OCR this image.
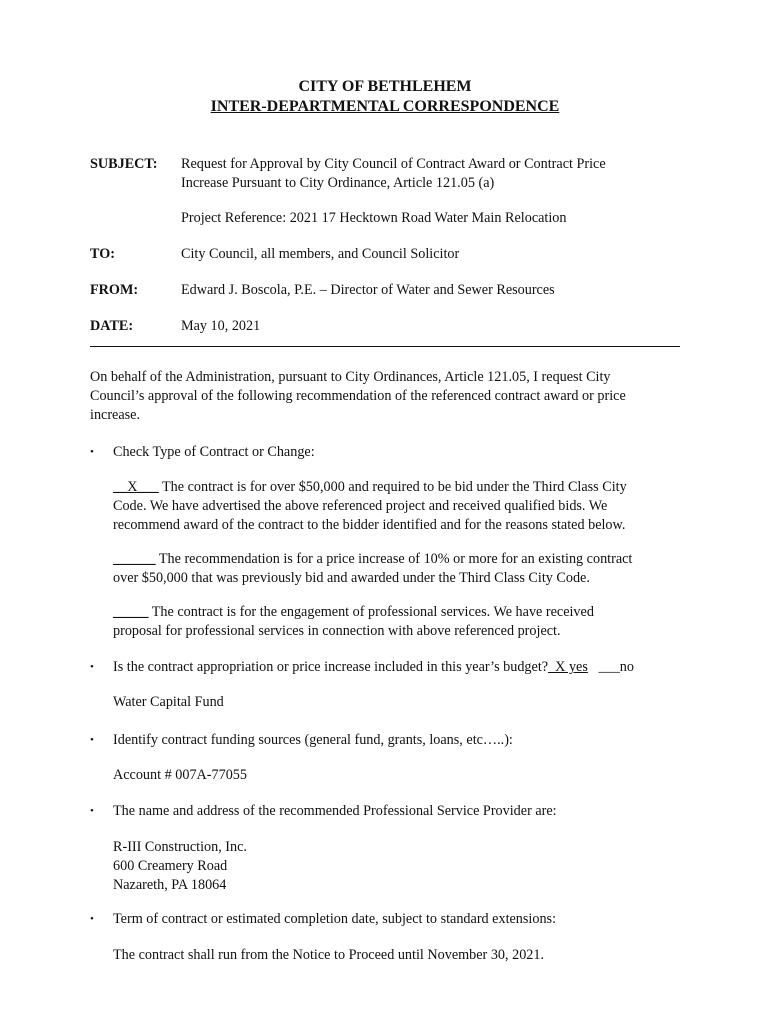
CITY OF BETHLEHEM
INTER-DEPARTMENTAL CORRESPONDENCE
SUBJECT: Request for Approval by City Council of Contract Award or Contract Price
Increase Pursuant to City Ordinance, Article 121.05 (a)
Project Reference: 2021 17 Hecktown Road Water Main Relocation
TO:	City Council, all members, and Council Solicitor
FROM:	Edward J. Boscola, P.E. – Director of Water and Sewer Resources
DATE:	May 10, 2021
On behalf of the Administration, pursuant to City Ordinances, Article 121.05, I request City
Council’s approval of the following recommendation of the referenced contract award or price
increase.
• Check Type of Contract or Change:
__X___ The contract is for over $50,000 and required to be bid under the Third Class City
Code. We have advertised the above referenced project and received qualified bids. We
recommend award of the contract to the bidder identified and for the reasons stated below.
______ The recommendation is for a price increase of 10% or more for an existing contract
over $50,000 that was previously bid and awarded under the Third Class City Code.
_____ The contract is for the engagement of professional services. We have received
proposal for professional services in connection with above referenced project.
• Is the contract appropriation or price increase included in this year’s budget?  X yes ___no
Water Capital Fund
• Identify contract funding sources (general fund, grants, loans, etc…..):
Account # 007A-77055
• The name and address of the recommended Professional Service Provider are:
R-III Construction, Inc.
600 Creamery Road
Nazareth, PA 18064
• Term of contract or estimated completion date, subject to standard extensions:
The contract shall run from the Notice to Proceed until November 30, 2021.
